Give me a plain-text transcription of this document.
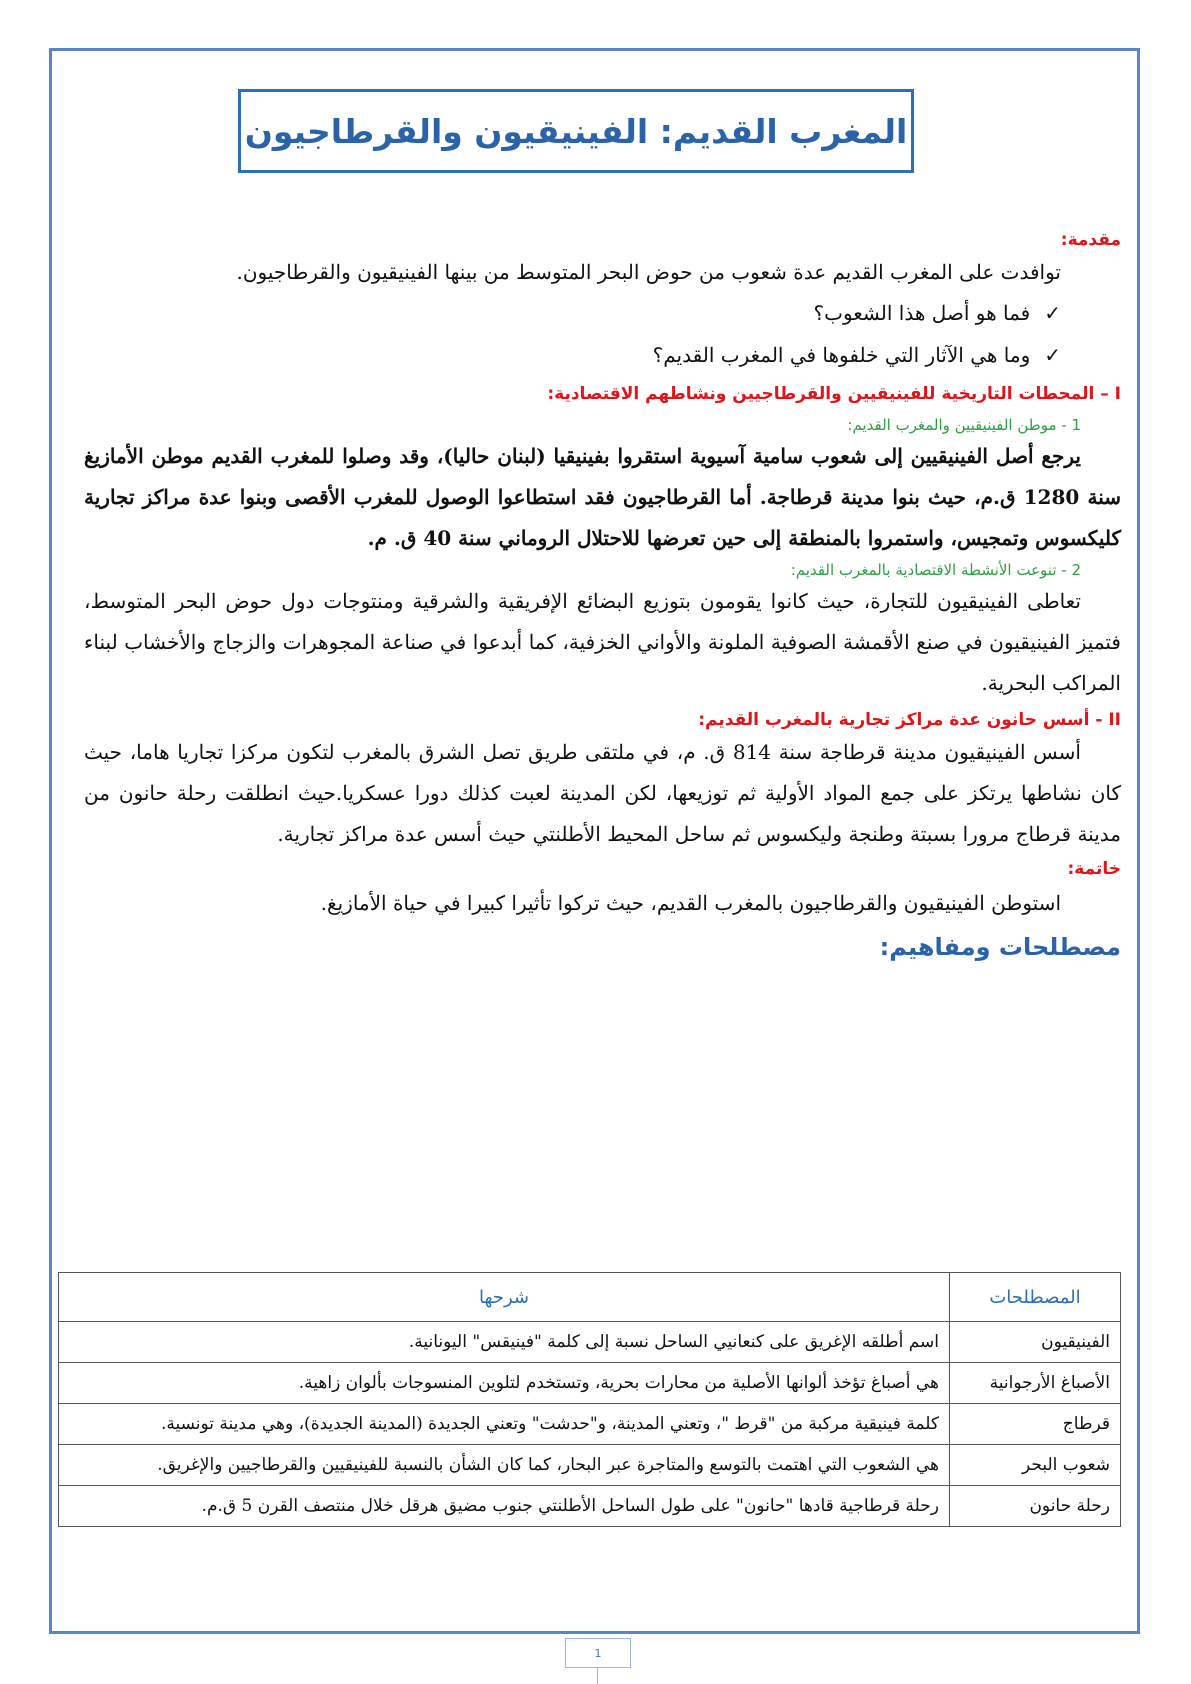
المغرب القديم: الفينيقيون والقرطاجيون
مقدمة:
توافدت على المغرب القديم عدة شعوب من حوض البحر المتوسط من بينها الفينيقيون والقرطاجيون.
✓فما هو أصل هذا الشعوب؟
✓وما هي الآثار التي خلفوها في المغرب القديم؟
I – المحطات التاريخية للفينيقيين والقرطاجيين ونشاطهم الاقتصادية:
1 - موطن الفينيقيين والمغرب القديم:
يرجع أصل الفينيقيين إلى شعوب سامية آسيوية استقروا بفينيقيا (لبنان حاليا)، وقد وصلوا للمغرب القديم موطن الأمازيغ سنة 1280 ق.م، حيث بنوا مدينة قرطاجة. أما القرطاجيون فقد استطاعوا الوصول للمغرب الأقصى وبنوا عدة مراكز تجارية كليكسوس وتمجيس، واستمروا بالمنطقة إلى حين تعرضها للاحتلال الروماني سنة 40 ق. م.
2 - تنوعت الأنشطة الاقتصادية بالمغرب القديم:
تعاطى الفينيقيون للتجارة، حيث كانوا يقومون بتوزيع البضائع الإفريقية والشرقية ومنتوجات دول حوض البحر المتوسط، فتميز الفينيقيون في صنع الأقمشة الصوفية الملونة والأواني الخزفية، كما أبدعوا في صناعة المجوهرات والزجاج والأخشاب لبناء المراكب البحرية.
II - أسس حانون عدة مراكز تجارية بالمغرب القديم:
أسس الفينيقيون مدينة قرطاجة سنة 814 ق. م، في ملتقى طريق تصل الشرق بالمغرب لتكون مركزا تجاريا هاما، حيث كان نشاطها يرتكز على جمع المواد الأولية ثم توزيعها، لكن المدينة لعبت كذلك دورا عسكريا.حيث انطلقت رحلة حانون من مدينة قرطاج مرورا بسبتة وطنجة وليكسوس ثم ساحل المحيط الأطلنتي حيث أسس عدة مراكز تجارية.
خاتمة:
استوطن الفينيقيون والقرطاجيون بالمغرب القديم، حيث تركوا تأثيرا كبيرا في حياة الأمازيغ.
مصطلحات ومفاهيم:
المصطلحات	شرحها
الفينيقيون	اسم أطلقه الإغريق على كنعانيي الساحل نسبة إلى كلمة "فينيقس" اليونانية.
الأصباغ الأرجوانية	هي أصباغ تؤخذ ألوانها الأصلية من محارات بحرية، وتستخدم لتلوين المنسوجات بألوان زاهية.
قرطاج	كلمة فينيقية مركبة من "قرط "، وتعني المدينة، و"حدشت" وتعني الجديدة (المدينة الجديدة)، وهي مدينة تونسية.
شعوب البحر	هي الشعوب التي اهتمت بالتوسع والمتاجرة عبر البحار، كما كان الشأن بالنسبة للفينيقيين والقرطاجيين والإغريق.
رحلة حانون	رحلة قرطاجية قادها "حانون" على طول الساحل الأطلنتي جنوب مضيق هرقل خلال منتصف القرن 5 ق.م.
1
